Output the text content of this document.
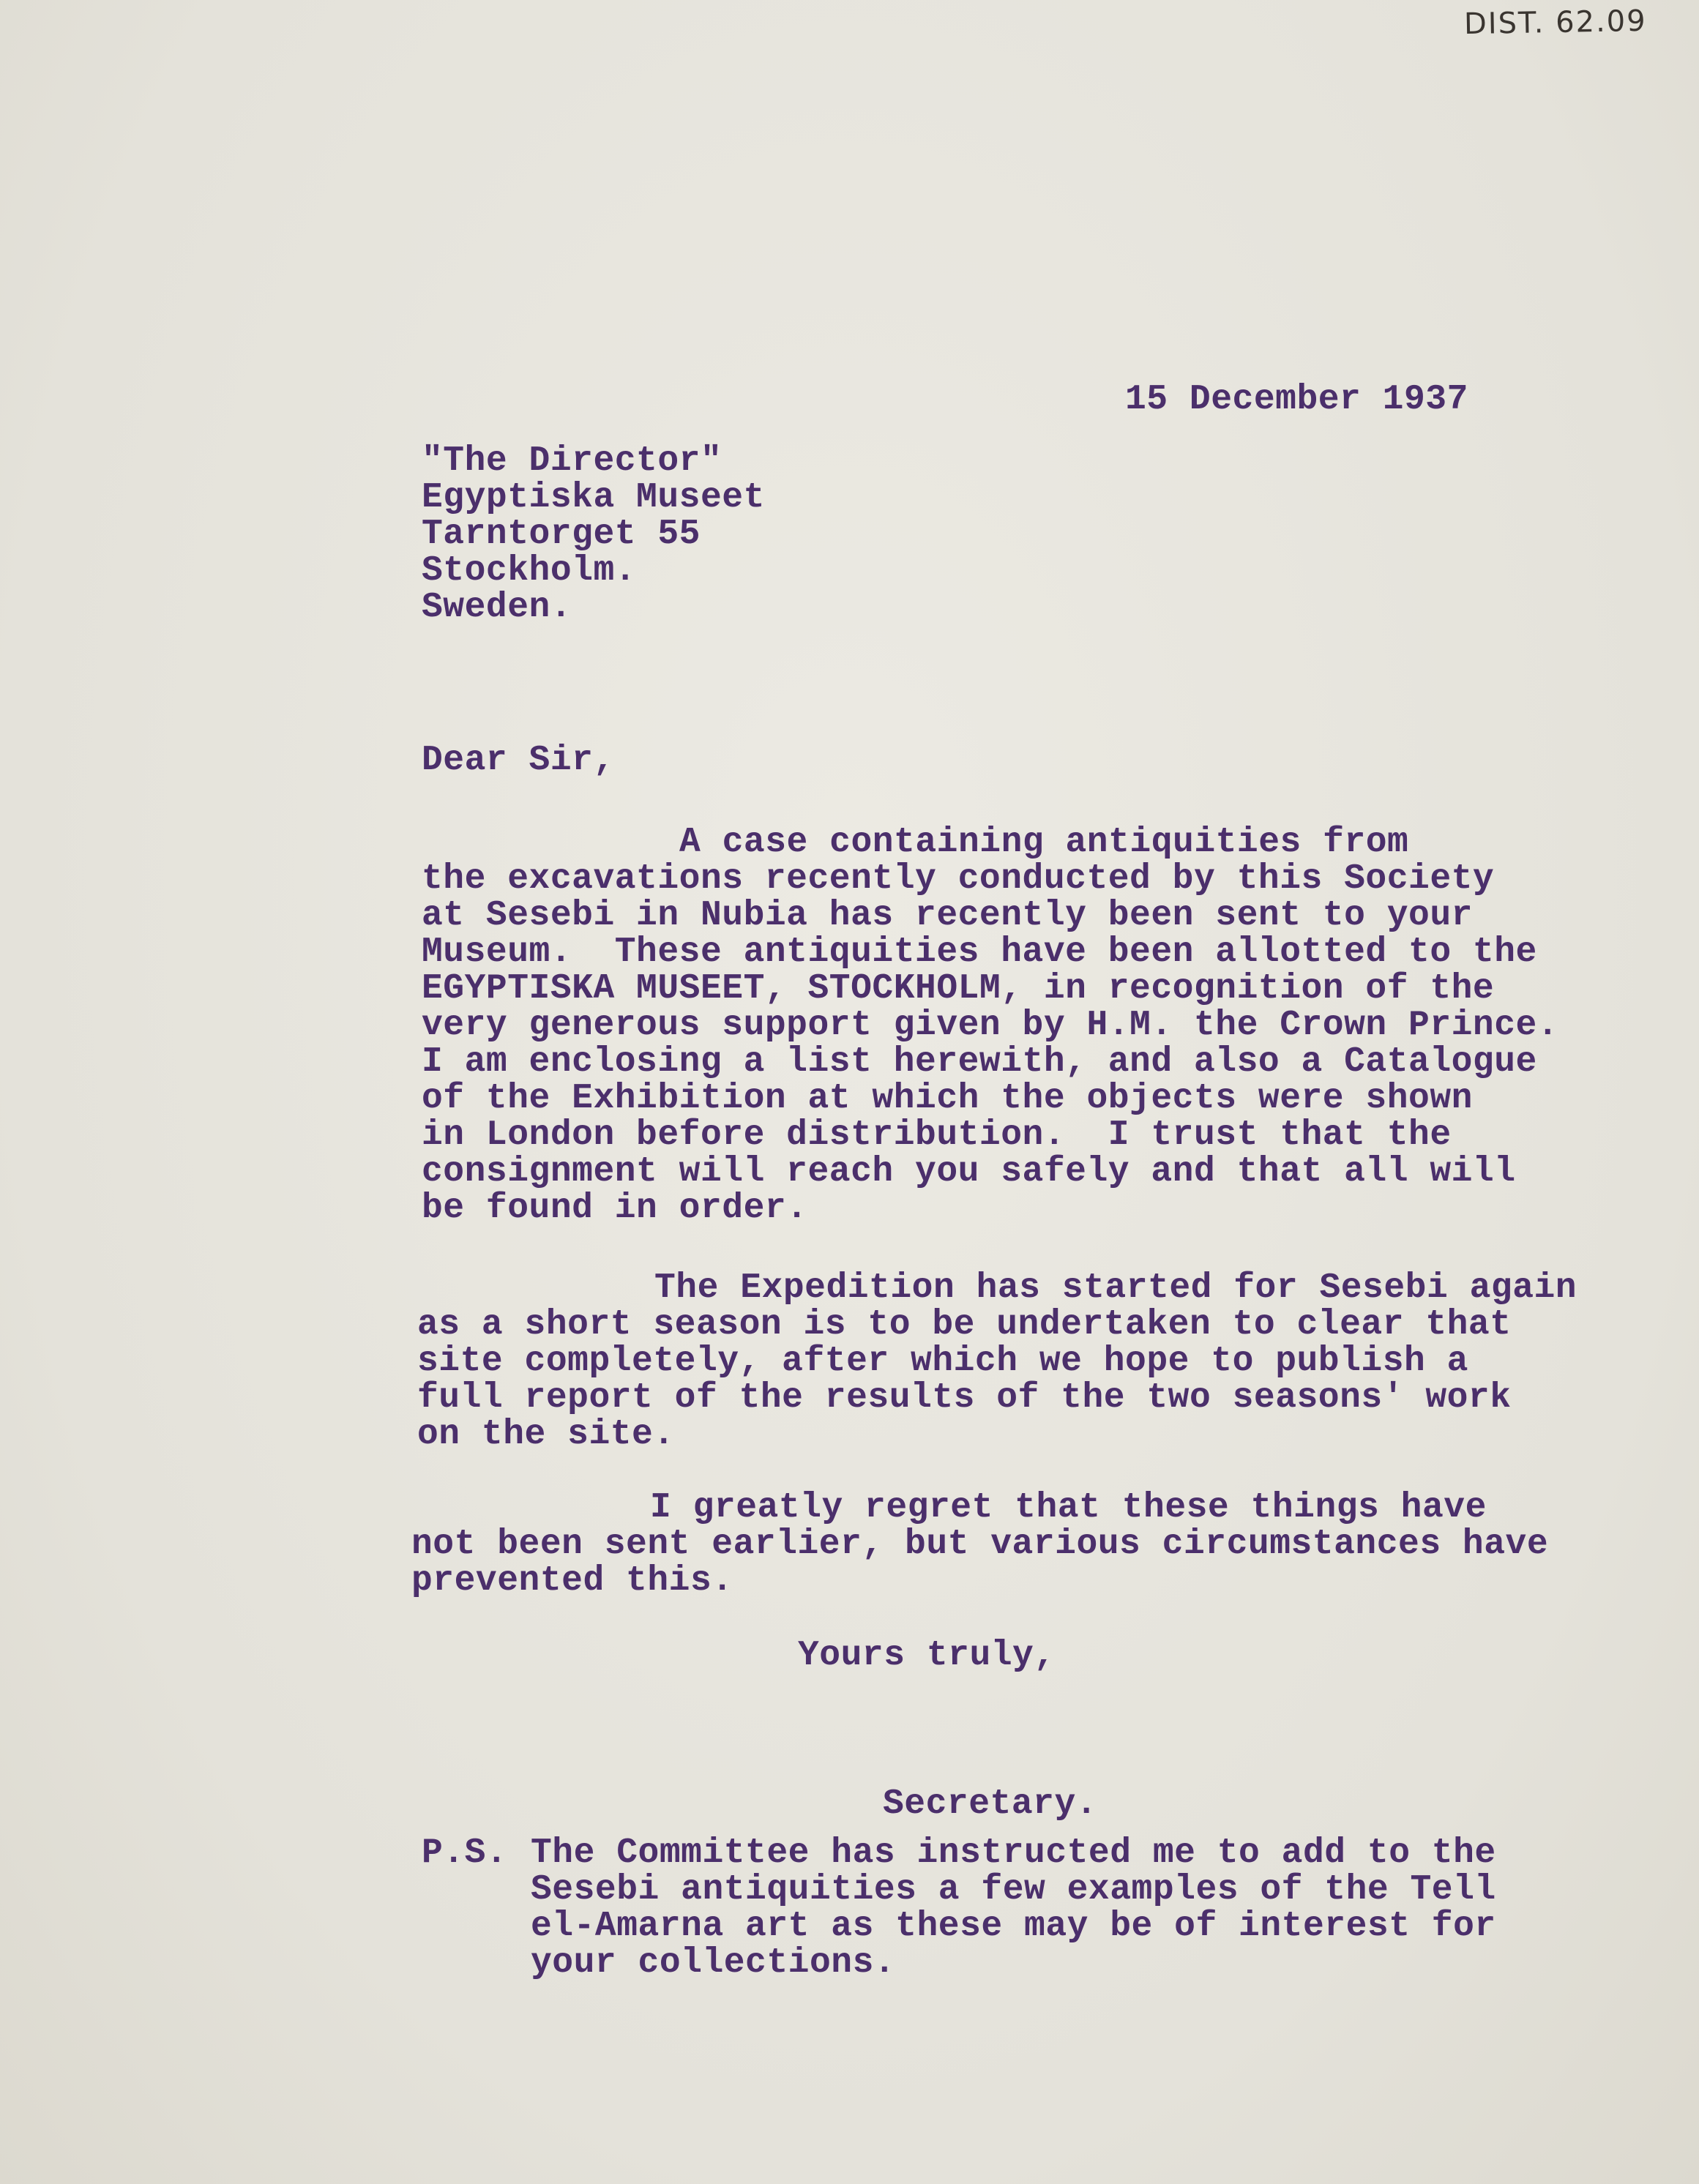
DIST. 62.09
15 December 1937
"The Director"
Egyptiska Museet
Tarntorget 55
Stockholm.
Sweden.
Dear Sir,
A case containing antiquities from
the excavations recently conducted by this Society
at Sesebi in Nubia has recently been sent to your
Museum.  These antiquities have been allotted to the
EGYPTISKA MUSEET, STOCKHOLM, in recognition of the
very generous support given by H.M. the Crown Prince.
I am enclosing a list herewith, and also a Catalogue
of the Exhibition at which the objects were shown
in London before distribution.  I trust that the
consignment will reach you safely and that all will
be found in order.
The Expedition has started for Sesebi again
as a short season is to be undertaken to clear that
site completely, after which we hope to publish a
full report of the results of the two seasons' work
on the site.
I greatly regret that these things have
not been sent earlier, but various circumstances have
prevented this.
Yours truly,
Secretary.
P.S. The Committee has instructed me to add to the
Sesebi antiquities a few examples of the Tell
el-Amarna art as these may be of interest for
your collections.
